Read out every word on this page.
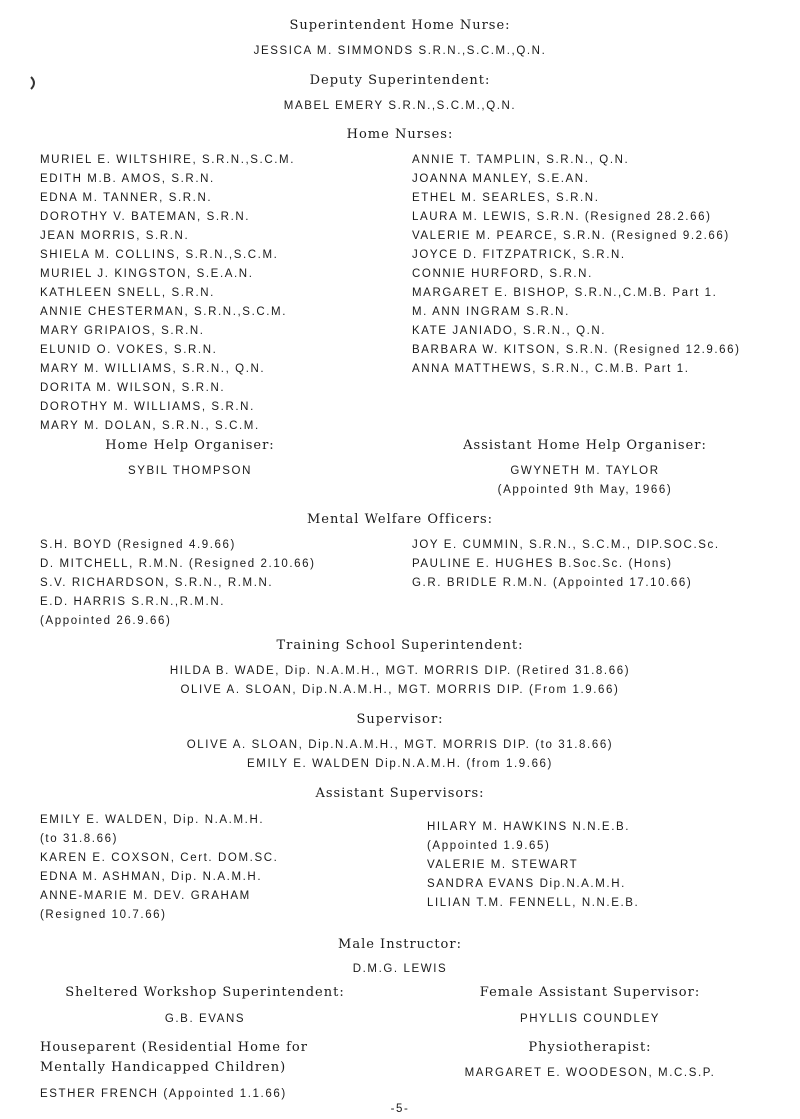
Superintendent Home Nurse:
JESSICA M. SIMMONDS S.R.N.,S.C.M.,Q.N.
Deputy Superintendent:
MABEL EMERY S.R.N.,S.C.M.,Q.N.
Home Nurses:
MURIEL E. WILTSHIRE, S.R.N.,S.C.M.
EDITH M.B. AMOS, S.R.N.
EDNA M. TANNER, S.R.N.
DOROTHY V. BATEMAN, S.R.N.
JEAN MORRIS, S.R.N.
SHIELA M. COLLINS, S.R.N.,S.C.M.
MURIEL J. KINGSTON, S.E.A.N.
KATHLEEN SNELL, S.R.N.
ANNIE CHESTERMAN, S.R.N.,S.C.M.
MARY GRIPAIOS, S.R.N.
ELUNID O. VOKES, S.R.N.
MARY M. WILLIAMS, S.R.N., Q.N.
DORITA M. WILSON, S.R.N.
DOROTHY M. WILLIAMS, S.R.N.
MARY M. DOLAN, S.R.N., S.C.M.
ANNIE T. TAMPLIN, S.R.N., Q.N.
JOANNA MANLEY, S.E.AN.
ETHEL M. SEARLES, S.R.N.
LAURA M. LEWIS, S.R.N. (Resigned 28.2.66)
VALERIE M. PEARCE, S.R.N. (Resigned 9.2.66)
JOYCE D. FITZPATRICK, S.R.N.
CONNIE HURFORD, S.R.N.
MARGARET E. BISHOP, S.R.N.,C.M.B. Part 1.
M. ANN INGRAM S.R.N.
KATE JANIADO, S.R.N., Q.N.
BARBARA W. KITSON, S.R.N. (Resigned 12.9.66)
ANNA MATTHEWS, S.R.N., C.M.B. Part 1.
Home Help Organiser:
SYBIL THOMPSON
Assistant Home Help Organiser:
GWYNETH M. TAYLOR
(Appointed 9th May, 1966)
Mental Welfare Officers:
S.H. BOYD (Resigned 4.9.66)
D. MITCHELL, R.M.N. (Resigned 2.10.66)
S.V. RICHARDSON, S.R.N., R.M.N.
E.D. HARRIS S.R.N.,R.M.N.
(Appointed 26.9.66)
JOY E. CUMMIN, S.R.N., S.C.M., DIP.SOC.Sc.
PAULINE E. HUGHES B.Soc.Sc. (Hons)
G.R. BRIDLE R.M.N. (Appointed 17.10.66)
Training School Superintendent:
HILDA B. WADE, Dip. N.A.M.H., MGT. MORRIS DIP. (Retired 31.8.66)
OLIVE A. SLOAN, Dip.N.A.M.H., MGT. MORRIS DIP. (From 1.9.66)
Supervisor:
OLIVE A. SLOAN, Dip.N.A.M.H., MGT. MORRIS DIP. (to 31.8.66)
EMILY E. WALDEN Dip.N.A.M.H. (from 1.9.66)
Assistant Supervisors:
EMILY E. WALDEN, Dip. N.A.M.H.
(to 31.8.66)
KAREN E. COXSON, Cert. DOM.SC.
EDNA M. ASHMAN, Dip. N.A.M.H.
ANNE-MARIE M. DEV. GRAHAM
(Resigned 10.7.66)
HILARY M. HAWKINS N.N.E.B.
(Appointed 1.9.65)
VALERIE M. STEWART
SANDRA EVANS Dip.N.A.M.H.
LILIAN T.M. FENNELL, N.N.E.B.
Male Instructor:
D.M.G. LEWIS
Sheltered Workshop Superintendent:
G.B. EVANS
Female Assistant Supervisor:
PHYLLIS COUNDLEY
Houseparent (Residential Home for
Mentally Handicapped Children)
ESTHER FRENCH (Appointed 1.1.66)
Physiotherapist:
MARGARET E. WOODESON, M.C.S.P.
-5-
